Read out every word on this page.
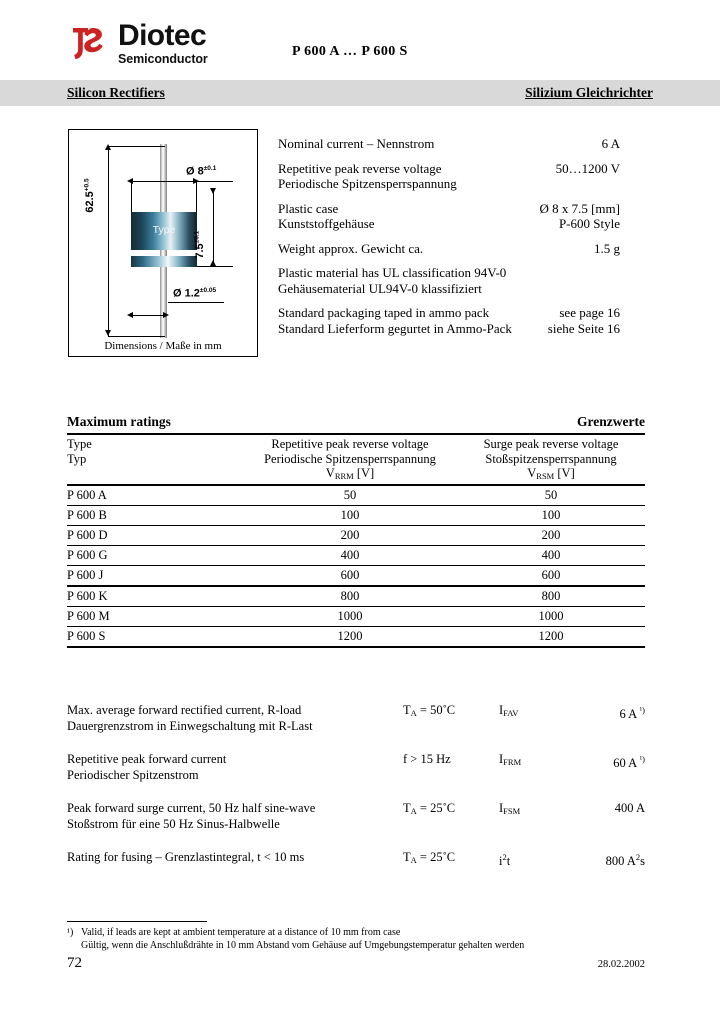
Diotec
Semiconductor	P 600 A … P 600 S
Silicon Rectifiers	Silizium Gleichrichter
Type
$62.5^{+0.5}$
Ø $8^{\pm 0.1}$
$7.5^{\pm 0.1}$
Ø $1.2^{\pm 0.05}$
Dimensions / Maße in mm
Nominal current – Nennstrom	6 A
Repetitive peak reverse voltage	50…1200 V
Periodische Spitzensperrspannung
Plastic case	Ø 8 x 7.5 [mm]
Kunststoffgehäuse	P-600 Style
Weight approx. Gewicht ca.	1.5 g
Plastic material has UL classification 94V-0
Gehäusematerial UL94V-0 klassifiziert
Standard packaging taped in ammo pack	see page 16
Standard Lieferform gegurtet in Ammo-Pack	siehe Seite 16
Maximum ratings	Grenzwerte
Type
Typ
Repetitive peak reverse voltage
Periodische Spitzensperrspannung
$V_{RRM}$ [V]
Surge peak reverse voltage
Stoßspitzensperrspannung
$V_{RSM}$ [V]
P 600 A	50	50
P 600 B	100	100
P 600 D	200	200
P 600 G	400	400
P 600 J	600	600
P 600 K	800	800
P 600 M	1000	1000
P 600 S	1200	1200
Max. average forward rectified current, R-load
Dauergrenzstrom in Einwegschaltung mit R-Last
$T_A$ = 50˚C	$I_{FAV}$	6 A $^{^1)}$
Repetitive peak forward current
Periodischer Spitzenstrom
f > 15 Hz	$I_{FRM}$	60 A $^{^1)}$
Peak forward surge current, 50 Hz half sine-wave
Stoßstrom für eine 50 Hz Sinus-Halbwelle
$T_A$ = 25˚C	$I_{FSM}$	400 A
Rating for fusing – Grenzlastintegral, t < 10 ms	$T_A$ = 25˚C	$i^2t$	800 $A^2s$
¹) Valid, if leads are kept at ambient temperature at a distance of 10 mm from case
Gültig, wenn die Anschlußdrähte in 10 mm Abstand vom Gehäuse auf Umgebungstemperatur gehalten werden
72	28.02.2002
